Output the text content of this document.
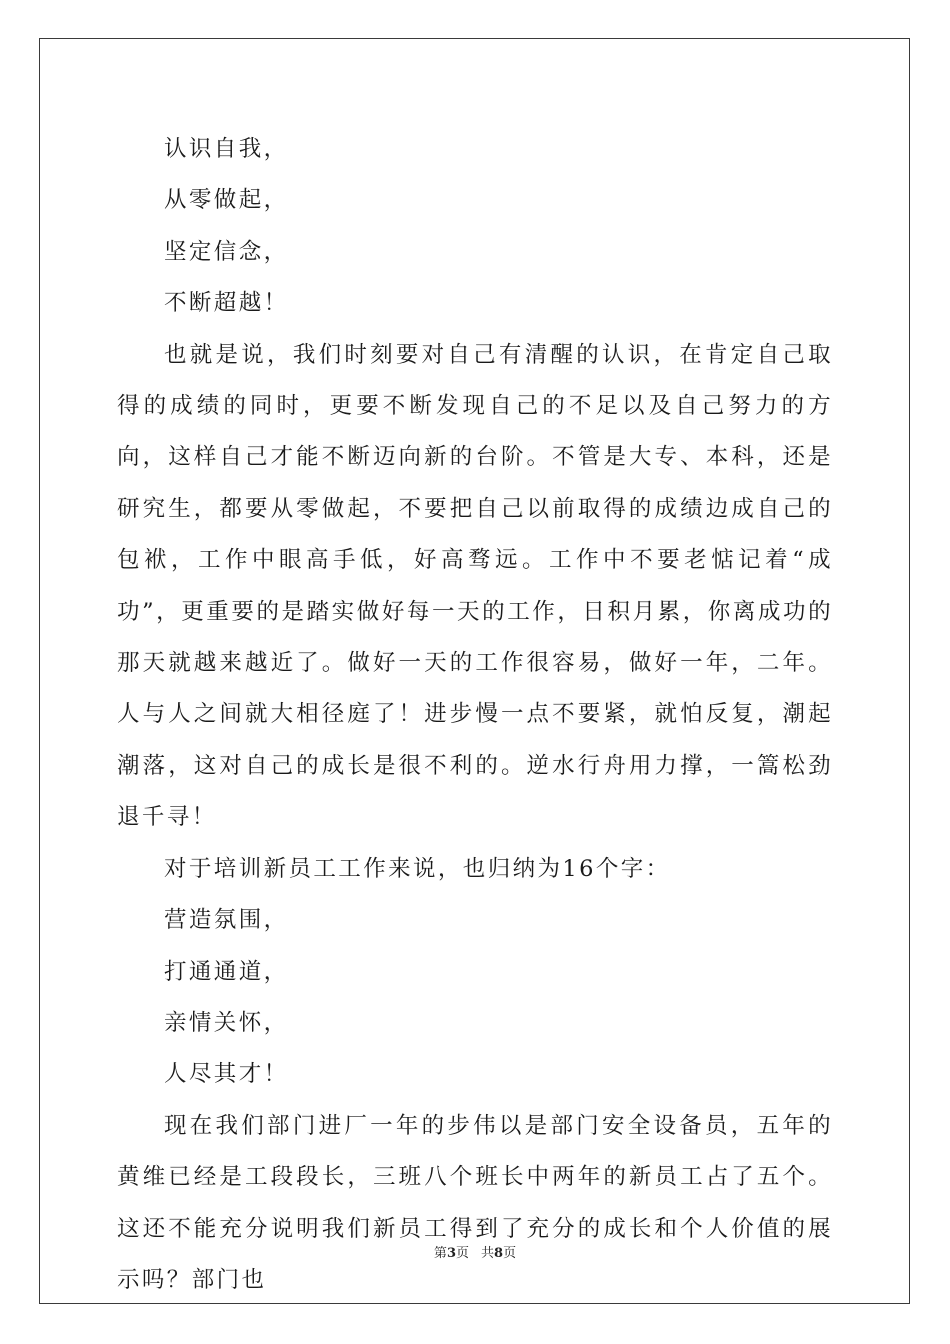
认识自我，

从零做起，

坚定信念，

不断超越！

也就是说，我们时刻要对自己有清醒的认识，在肯定自己取得的成绩的同时，更要不断发现自己的不足以及自己努力的方向，这样自己才能不断迈向新的台阶。不管是大专、本科，还是研究生，都要从零做起，不要把自己以前取得的成绩边成自己的包袱，工作中眼高手低，好高骛远。工作中不要老惦记着“成功”，更重要的是踏实做好每一天的工作，日积月累，你离成功的那天就越来越近了。做好一天的工作很容易，做好一年，二年。人与人之间就大相径庭了！进步慢一点不要紧，就怕反复，潮起潮落，这对自己的成长是很不利的。逆水行舟用力撑，一篙松劲退千寻！

对于培训新员工工作来说，也归纳为16个字：

营造氛围，

打通通道，

亲情关怀，

人尽其才！

现在我们部门进厂一年的步伟以是部门安全设备员，五年的黄维已经是工段段长，三班八个班长中两年的新员工占了五个。这还不能充分说明我们新员工得到了充分的成长和个人价值的展示吗？部门也

第3页 共8页
